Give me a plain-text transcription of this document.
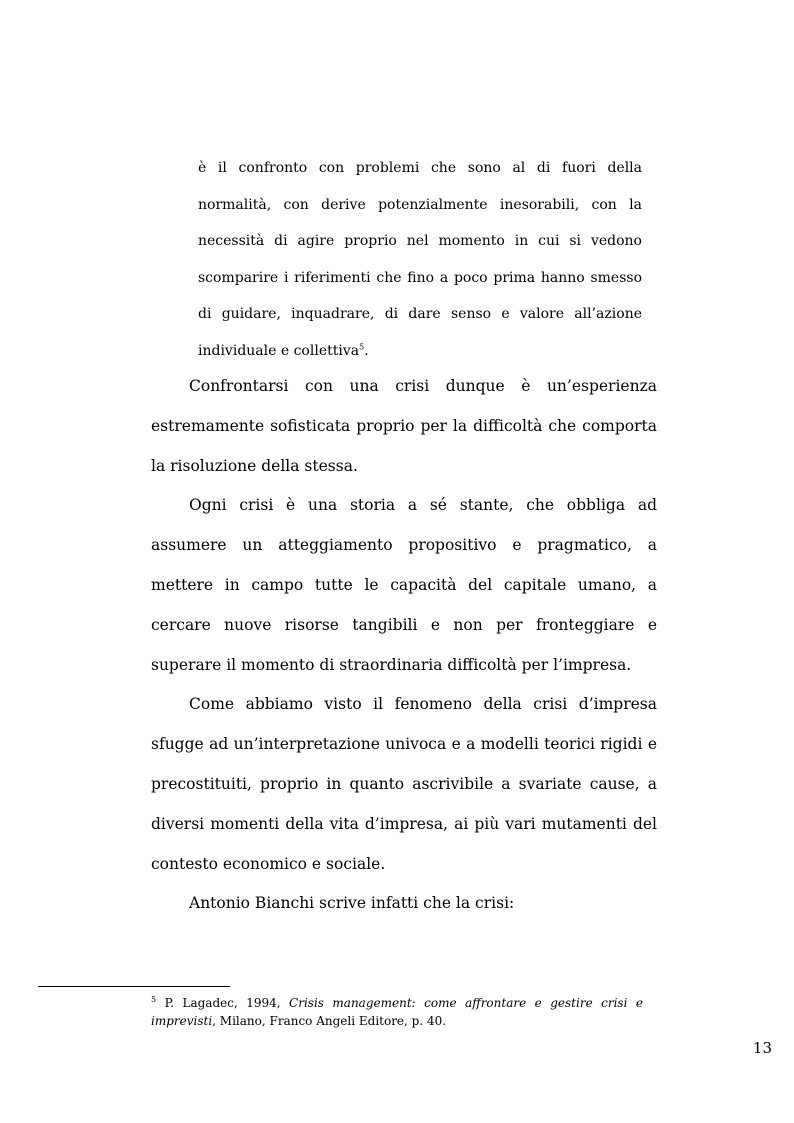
è il confronto con problemi che sono al di fuori della normalità, con derive potenzialmente inesorabili, con la necessità di agire proprio nel momento in cui si vedono scomparire i riferimenti che fino a poco prima hanno smesso di guidare, inquadrare, di dare senso e valore all’azione individuale e collettiva$^5$.

Confrontarsi con una crisi dunque è un’esperienza estremamente sofisticata proprio per la difficoltà che comporta la risoluzione della stessa.

Ogni crisi è una storia a sé stante, che obbliga ad assumere un atteggiamento propositivo e pragmatico, a mettere in campo tutte le capacità del capitale umano, a cercare nuove risorse tangibili e non per fronteggiare e superare il momento di straordinaria difficoltà per l’impresa.

Come abbiamo visto il fenomeno della crisi d’impresa sfugge ad un’interpretazione univoca e a modelli teorici rigidi e precostituiti, proprio in quanto ascrivibile a svariate cause, a diversi momenti della vita d’impresa, ai più vari mutamenti del contesto economico e sociale.

Antonio Bianchi scrive infatti che la crisi:

$^5$ P. Lagadec, 1994, Crisis management: come affrontare e gestire crisi e imprevisti, Milano, Franco Angeli Editore, p. 40.

13
